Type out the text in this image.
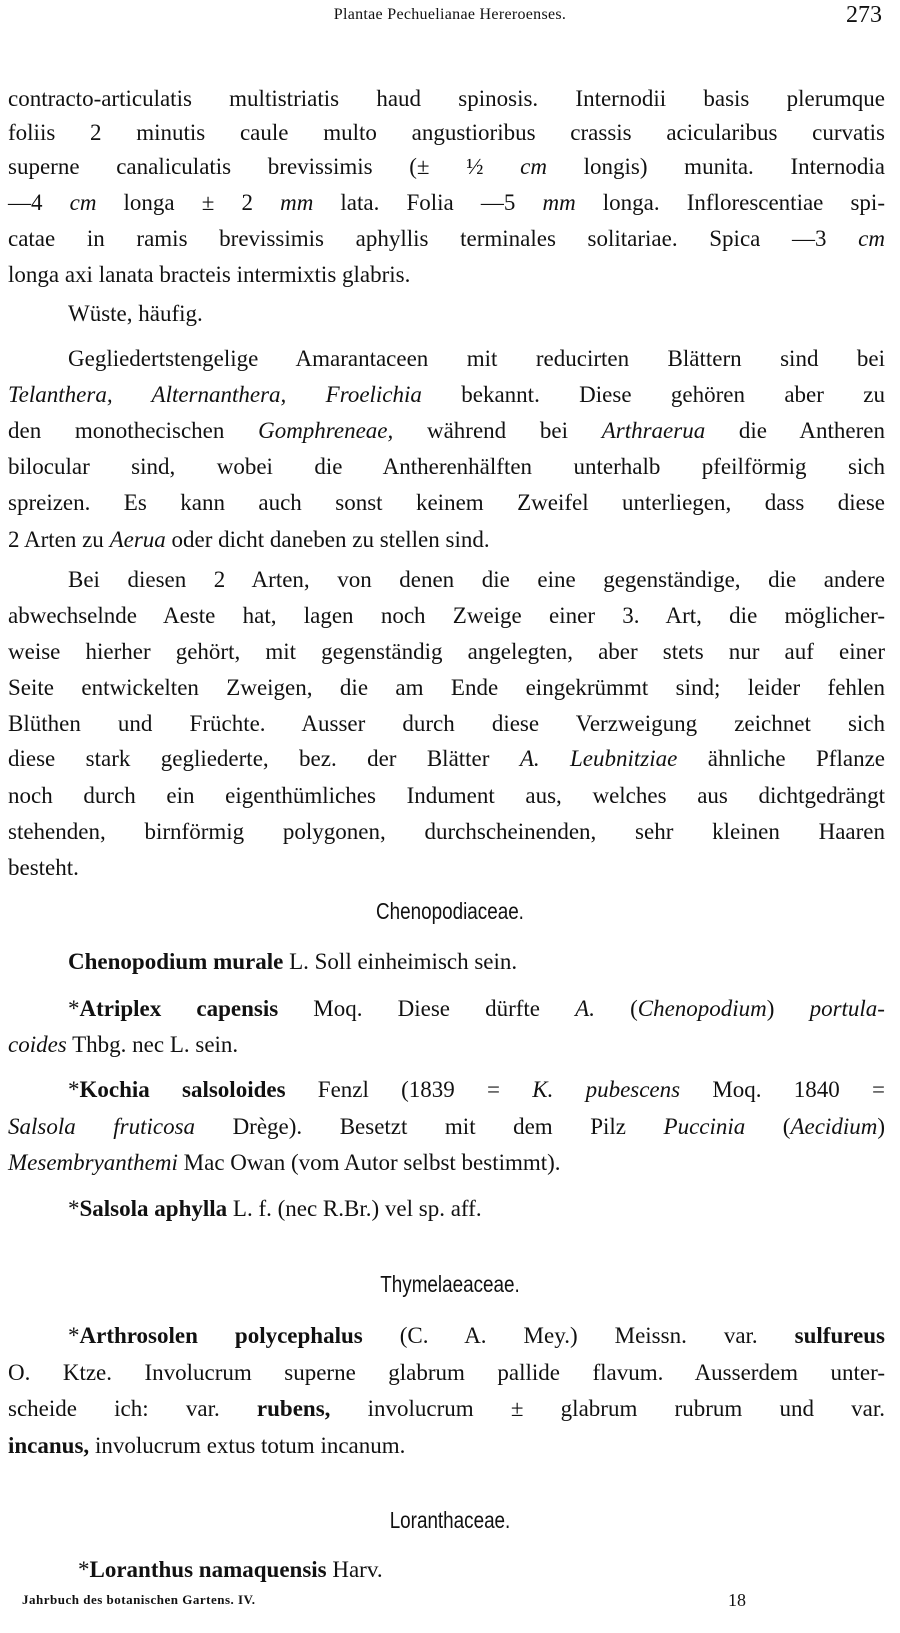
Plantae Pechuelianae Hereroenses.	273
contracto-articulatis multistriatis haud spinosis. Internodii basis plerumque
foliis 2 minutis caule multo angustioribus crassis acicularibus curvatis
superne canaliculatis brevissimis (± ½ cm longis) munita. Internodia
—4 cm longa ± 2 mm lata. Folia —5 mm longa. Inflorescentiae spi-
catae in ramis brevissimis aphyllis terminales solitariae. Spica —3 cm
longa axi lanata bracteis intermixtis glabris.
Wüste, häufig.
Gegliedertstengelige Amarantaceen mit reducirten Blättern sind bei
Telanthera, Alternanthera, Froelichia bekannt. Diese gehören aber zu
den monothecischen Gomphreneae, während bei Arthraerua die Antheren
bilocular sind, wobei die Antherenhälften unterhalb pfeilförmig sich
spreizen. Es kann auch sonst keinem Zweifel unterliegen, dass diese
2 Arten zu Aerua oder dicht daneben zu stellen sind.
Bei diesen 2 Arten, von denen die eine gegenständige, die andere
abwechselnde Aeste hat, lagen noch Zweige einer 3. Art, die möglicher-
weise hierher gehört, mit gegenständig angelegten, aber stets nur auf einer
Seite entwickelten Zweigen, die am Ende eingekrümmt sind; leider fehlen
Blüthen und Früchte. Ausser durch diese Verzweigung zeichnet sich
diese stark gegliederte, bez. der Blätter A. Leubnitziae ähnliche Pflanze
noch durch ein eigenthümliches Indument aus, welches aus dichtgedrängt
stehenden, birnförmig polygonen, durchscheinenden, sehr kleinen Haaren
besteht.
Chenopodiaceae.
Chenopodium murale L. Soll einheimisch sein.
*Atriplex capensis Moq. Diese dürfte A. (Chenopodium) portula-
coides Thbg. nec L. sein.
*Kochia salsoloides Fenzl (1839 = K. pubescens Moq. 1840 =
Salsola fruticosa Drège). Besetzt mit dem Pilz Puccinia (Aecidium)
Mesembryanthemi Mac Owan (vom Autor selbst bestimmt).
*Salsola aphylla L. f. (nec R.Br.) vel sp. aff.
Thymelaeaceae.
*Arthrosolen polycephalus (C. A. Mey.) Meissn. var. sulfureus
O. Ktze. Involucrum superne glabrum pallide flavum. Ausserdem unter-
scheide ich: var. rubens, involucrum ± glabrum rubrum und var.
incanus, involucrum extus totum incanum.
Loranthaceae.
*Loranthus namaquensis Harv.
Jahrbuch des botanischen Gartens. IV.	18
